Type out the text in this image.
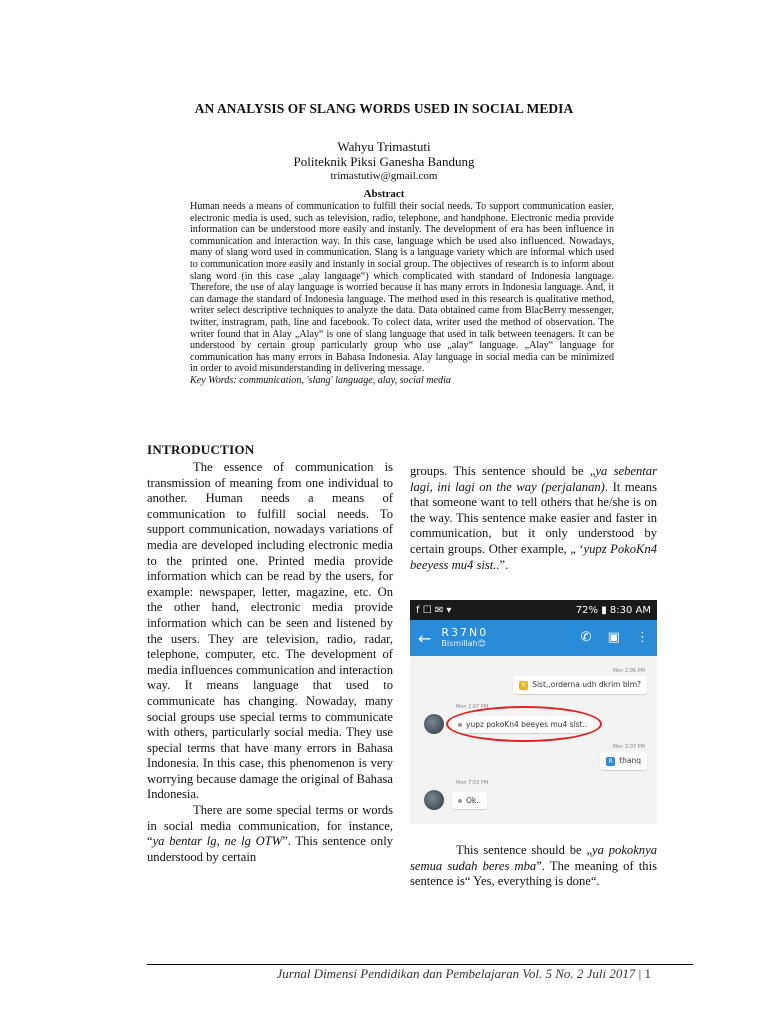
AN ANALYSIS OF SLANG WORDS USED IN SOCIAL MEDIA
Wahyu Trimastuti
Politeknik Piksi Ganesha Bandung
trimastutiw@gmail.com
Abstract
Human needs a means of communication to fulfill their social needs. To support communication easier, electronic media is used, such as television, radio, telephone, and handphone. Electronic media provide information can be understood more easily and instanly. The development of era has been influence in communication and interaction way. In this case, language which be used also influenced. Nowadays, many of slang word used in communication. Slang is a language variety which are informal which used to communication more easily and instanly in social group. The objectives of research is to inform about slang word (in this case „alay language“) which complicated with standard of Indonesia language. Therefore, the use of alay language is worried because it has many errors in Indonesia language. And, it can damage the standard of Indonesia language. The method used in this research is qualitative method, writer select descriptive techniques to analyze the data. Data obtained came from BlacBerry messenger, twitter, instragram, path, line and facebook. To colect data, writer used the method of observation. The writer found that in Alay „Alay“ is one of slang language that used in talk between teenagers. It can be understood by certain group particularly group who use „alay“ language. „Alay“ language for communication has many errors in Bahasa Indonesia. Alay language in social media can be minimized in order to avoid misunderstanding in delivering message.
Key Words: communication, 'slang' language, alay, social media
INTRODUCTION

The essence of communication is transmission of meaning from one individual to another. Human needs a means of communication to fulfill social needs. To support communication, nowadays variations of media are developed including electronic media to the printed one. Printed media provide information which can be read by the users, for example: newspaper, letter, magazine, etc. On the other hand, electronic media provide information which can be seen and listened by the users. They are television, radio, radar, telephone, computer, etc. The development of media influences communication and interaction way. It means language that used to communicate has changing. Nowaday, many social groups use special terms to communicate with others, particularly social media. They use special terms that have many errors in Bahasa Indonesia. In this case, this phenomenon is very worrying because damage the original of Bahasa Indonesia.

There are some special terms or words in social media communication, for instance, “ya bentar lg, ne lg OTW”. This sentence only understood by certain

groups. This sentence should be „ya sebentar lagi, ini lagi on the way (perjalanan). It means that someone want to tell others that he/she is on the way. This sentence make easier and faster in communication, but it only understood by certain groups. Other example, „ ‘yupz PokoKn4 beeyess mu4 sist..”.

f ☐ ✉ ▾	72% ▮ 8:30 AM
← R37N0
Bismillah😊	✆ ▣ ⋮
Mon 2:06 PM
R Sist,,orderna udh dkrim blm?
Mon 2:07 PM
yupz pokoKn4 beeyes mu4 sist..
Mon 3:07 PM
R thanq
Mon 7:03 PM
Ok..

This sentence should be „ya pokoknya semua sudah beres mba”. The meaning of this sentence is“ Yes, everything is done“.

Jurnal Dimensi Pendidikan dan Pembelajaran Vol. 5 No. 2 Juli 2017 | 1
